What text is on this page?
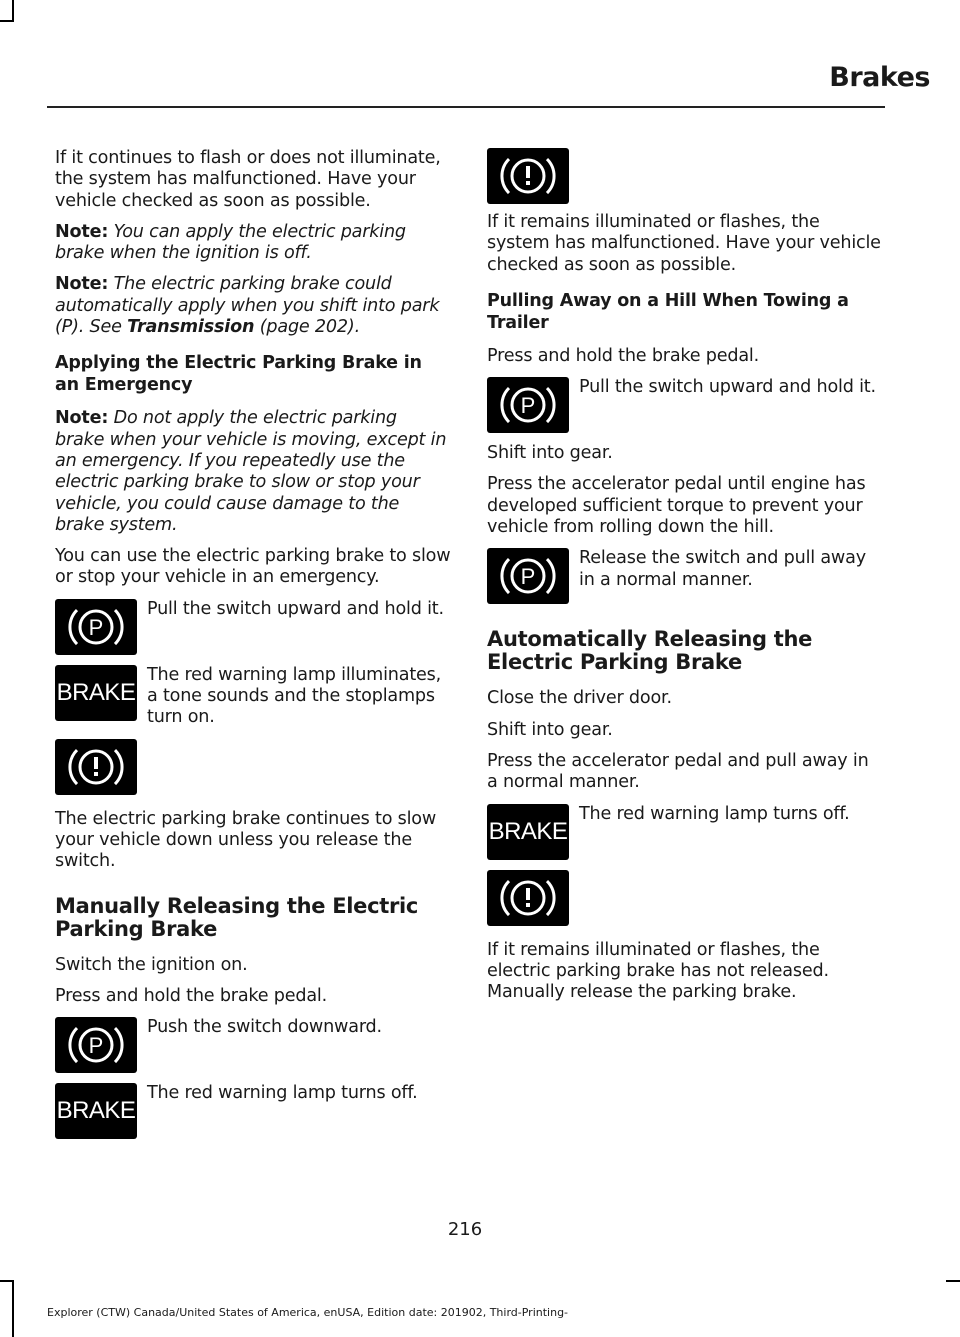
Brakes

If it continues to flash or does not illuminate, the system has malfunctioned. Have your vehicle checked as soon as possible.

Note: You can apply the electric parking brake when the ignition is off.

Note: The electric parking brake could automatically apply when you shift into park (P). See Transmission (page 202).

Applying the Electric Parking Brake in an Emergency

Note: Do not apply the electric parking brake when your vehicle is moving, except in an emergency. If you repeatedly use the electric parking brake to slow or stop your vehicle, you could cause damage to the brake system.

You can use the electric parking brake to slow or stop your vehicle in an emergency.

P

Pull the switch upward and hold it.

BRAKE

The red warning lamp illuminates, a tone sounds and the stoplamps turn on.

The electric parking brake continues to slow your vehicle down unless you release the switch.

Manually Releasing the Electric Parking Brake

Switch the ignition on.

Press and hold the brake pedal.

P

Push the switch downward.

BRAKE

The red warning lamp turns off.

If it remains illuminated or flashes, the system has malfunctioned. Have your vehicle checked as soon as possible.

Pulling Away on a Hill When Towing a Trailer

Press and hold the brake pedal.

P

Pull the switch upward and hold it.

Shift into gear.

Press the accelerator pedal until engine has developed sufficient torque to prevent your vehicle from rolling down the hill.

P

Release the switch and pull away in a normal manner.

Automatically Releasing the Electric Parking Brake

Close the driver door.

Shift into gear.

Press the accelerator pedal and pull away in a normal manner.

BRAKE

The red warning lamp turns off.

If it remains illuminated or flashes, the electric parking brake has not released. Manually release the parking brake.

216
Explorer (CTW) Canada/United States of America, enUSA, Edition date: 201902, Third-Printing-
